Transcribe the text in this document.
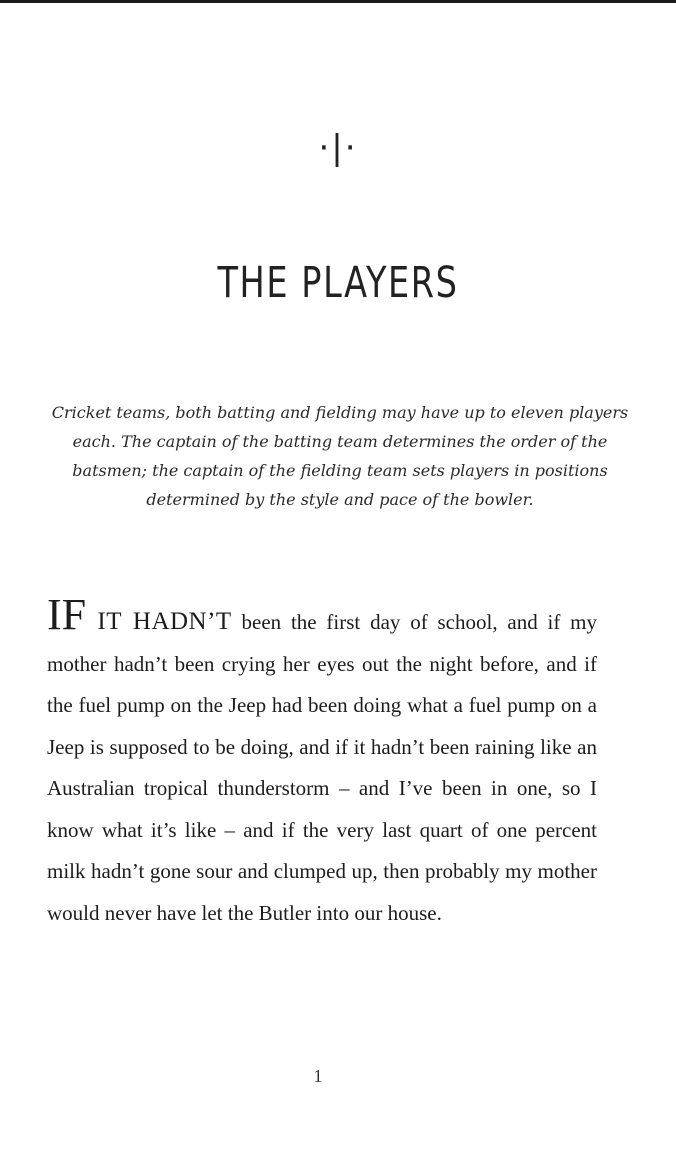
·|·
THE PLAYERS
Cricket teams, both batting and fielding may have up to eleven players each. The captain of the batting team determines the order of the batsmen; the captain of the fielding team sets players in positions determined by the style and pace of the bowler.
IF IT HADN’T been the first day of school, and if my mother hadn’t been crying her eyes out the night before, and if the fuel pump on the Jeep had been doing what a fuel pump on a Jeep is supposed to be doing, and if it hadn’t been raining like an Australian tropical thunderstorm – and I’ve been in one, so I know what it’s like – and if the very last quart of one percent milk hadn’t gone sour and clumped up, then probably my mother would never have let the Butler into our house.
1
